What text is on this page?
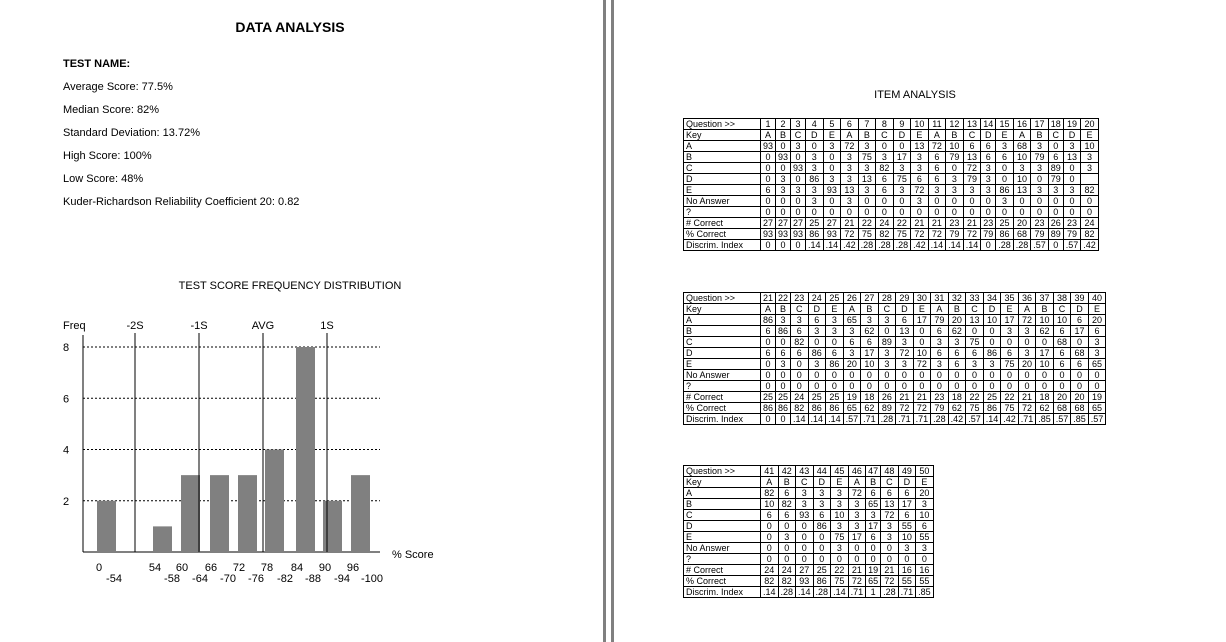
DATA ANALYSIS
TEST NAME:
Average Score: 77.5%
Median Score: 82%
Standard Deviation: 13.72%
High Score: 100%
Low Score: 48%
Kuder-Richardson Reliability Coefficient 20: 0.82
TEST SCORE FREQUENCY DISTRIBUTION
Freq
2
4
6
8
-2S	-1S	AVG	1S
0	54 60 66 72 78 84 90 96
-54	-58 -64 -70 -76 -82 -88 -94 -100
% Score
ITEM ANALYSIS
Question >>	1	2	3	4	5	6	7	8	9	10	11	12	13	14	15	16	17	18	19	20
Key	A	B	C	D	E	A	B	C	D	E	A	B	C	D	E	A	B	C	D	E
A	93	0	3	0	3	72	3	0	0	13	72	10	6	6	3	68	3	0	3	10
B	0	93	0	3	0	3	75	3	17	3	6	79	13	6	6	10	79	6	13	3
C	0	0	93	3	0	3	3	82	3	3	6	0	72	3	0	3	3	89	0	3
D	0	3	0	86	3	3	13	6	75	6	6	3	79	3	0	10	0	79	0	
E	6	3	3	3	93	13	3	6	3	72	3	3	3	3	86	13	3	3	3	82
No Answer	0	0	0	3	0	3	0	0	0	3	0	0	0	0	3	0	0	0	0	0
?	0	0	0	0	0	0	0	0	0	0	0	0	0	0	0	0	0	0	0	0
# Correct	27	27	27	25	27	21	22	24	22	21	21	23	21	23	25	20	23	26	23	24
% Correct	93	93	93	86	93	72	75	82	75	72	72	79	72	79	86	68	79	89	79	82
Discrim. Index	0	0	0	.14	.14	.42	.28	.28	.28	.42	.14	.14	.14	0	.28	.28	.57	0	.57	.42
Question >>	21	22	23	24	25	26	27	28	29	30	31	32	33	34	35	36	37	38	39	40
Key	A	B	C	D	E	A	B	C	D	E	A	B	C	D	E	A	B	C	D	E
A	86	3	3	6	3	65	3	3	6	17	79	20	13	10	17	72	10	10	6	20
B	6	86	6	3	3	3	62	0	13	0	6	62	0	0	3	3	62	6	17	6
C	0	0	82	0	0	6	6	89	3	0	3	3	75	0	0	0	0	68	0	3
D	6	6	6	86	6	3	17	3	72	10	6	6	6	86	6	3	17	6	68	3
E	0	3	0	3	86	20	10	3	3	72	3	6	3	3	75	20	10	6	6	65
No Answer	0	0	0	0	0	0	0	0	0	0	0	0	0	0	0	0	0	0	0	0
?	0	0	0	0	0	0	0	0	0	0	0	0	0	0	0	0	0	0	0	0
# Correct	25	25	24	25	25	19	18	26	21	21	23	18	22	25	22	21	18	20	20	19
% Correct	86	86	82	86	86	65	62	89	72	72	79	62	75	86	75	72	62	68	68	65
Discrim. Index	0	0	.14	.14	.14	.57	.71	.28	.71	.71	.28	.42	.57	.14	.42	.71	.85	.57	.85	.57
Question >>	41	42	43	44	45	46	47	48	49	50
Key	A	B	C	D	E	A	B	C	D	E
A	82	6	3	3	3	72	6	6	6	20
B	10	82	3	3	3	3	65	13	17	3
C	6	6	93	6	10	3	3	72	6	10
D	0	0	0	86	3	3	17	3	55	6
E	0	3	0	0	75	17	6	3	10	55
No Answer	0	0	0	0	3	0	0	0	3	3
?	0	0	0	0	0	0	0	0	0	0
# Correct	24	24	27	25	22	21	19	21	16	16
% Correct	82	82	93	86	75	72	65	72	55	55
Discrim. Index	.14	.28	.14	.28	.14	.71	1	.28	.71	.85
